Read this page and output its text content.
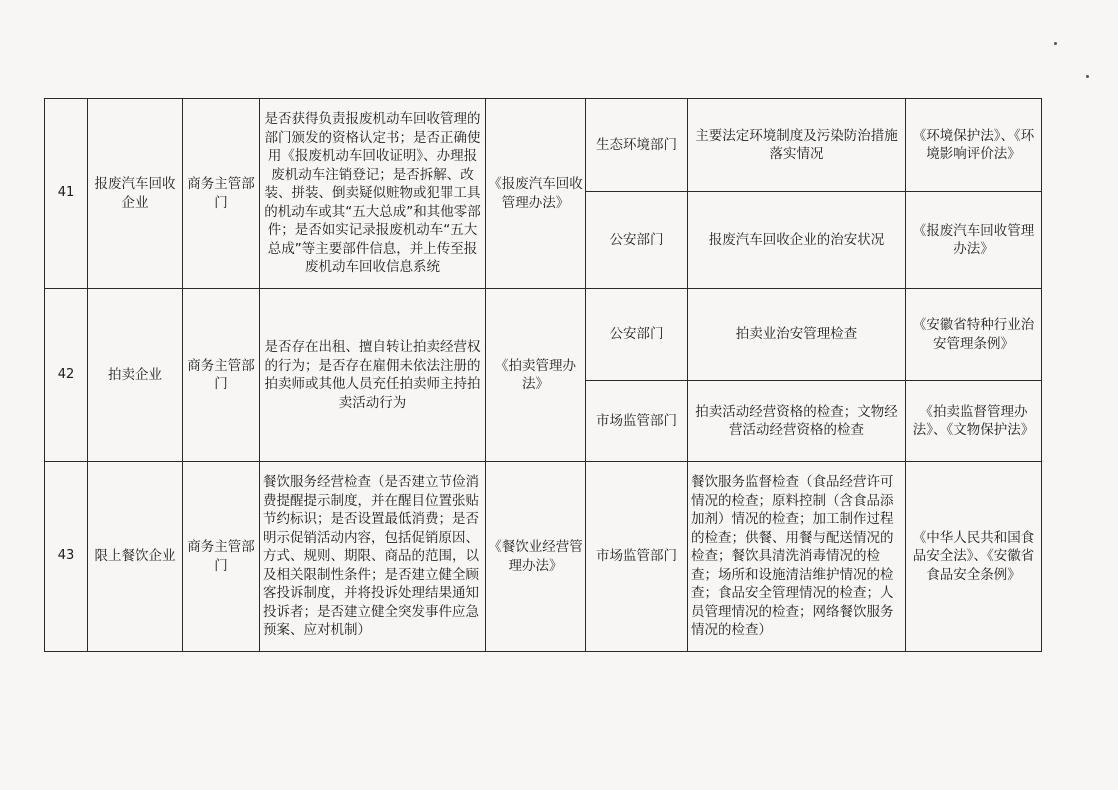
41	报废汽车回收企业	商务主管部门	是否获得负责报废机动车回收管理的部门颁发的资格认定书；是否正确使用《报废机动车回收证明》、办理报废机动车注销登记；是否拆解、改装、拼装、倒卖疑似赃物或犯罪工具的机动车或其“五大总成”和其他零部件；是否如实记录报废机动车“五大总成”等主要部件信息，并上传至报废机动车回收信息系统	《报废汽车回收管理办法》	生态环境部门	主要法定环境制度及污染防治措施落实情况	《环境保护法》、《环境影响评价法》
					公安部门	报废汽车回收企业的治安状况	《报废汽车回收管理办法》
42	拍卖企业	商务主管部门	是否存在出租、擅自转让拍卖经营权的行为；是否存在雇佣未依法注册的拍卖师或其他人员充任拍卖师主持拍卖活动行为	《拍卖管理办法》	公安部门	拍卖业治安管理检查	《安徽省特种行业治安管理条例》
					市场监管部门	拍卖活动经营资格的检查；文物经营活动经营资格的检查	《拍卖监督管理办法》、《文物保护法》
43	限上餐饮企业	商务主管部门	餐饮服务经营检查（是否建立节俭消费提醒提示制度，并在醒目位置张贴节约标识；是否设置最低消费；是否明示促销活动内容，包括促销原因、方式、规则、期限、商品的范围，以及相关限制性条件；是否建立健全顾客投诉制度，并将投诉处理结果通知投诉者；是否建立健全突发事件应急预案、应对机制）	《餐饮业经营管理办法》	市场监管部门	餐饮服务监督检查（食品经营许可情况的检查；原料控制（含食品添加剂）情况的检查；加工制作过程的检查；供餐、用餐与配送情况的检查；餐饮具清洗消毒情况的检查；场所和设施清洁维护情况的检查；食品安全管理情况的检查；人员管理情况的检查；网络餐饮服务情况的检查）	《中华人民共和国食品安全法》、《安徽省食品安全条例》
